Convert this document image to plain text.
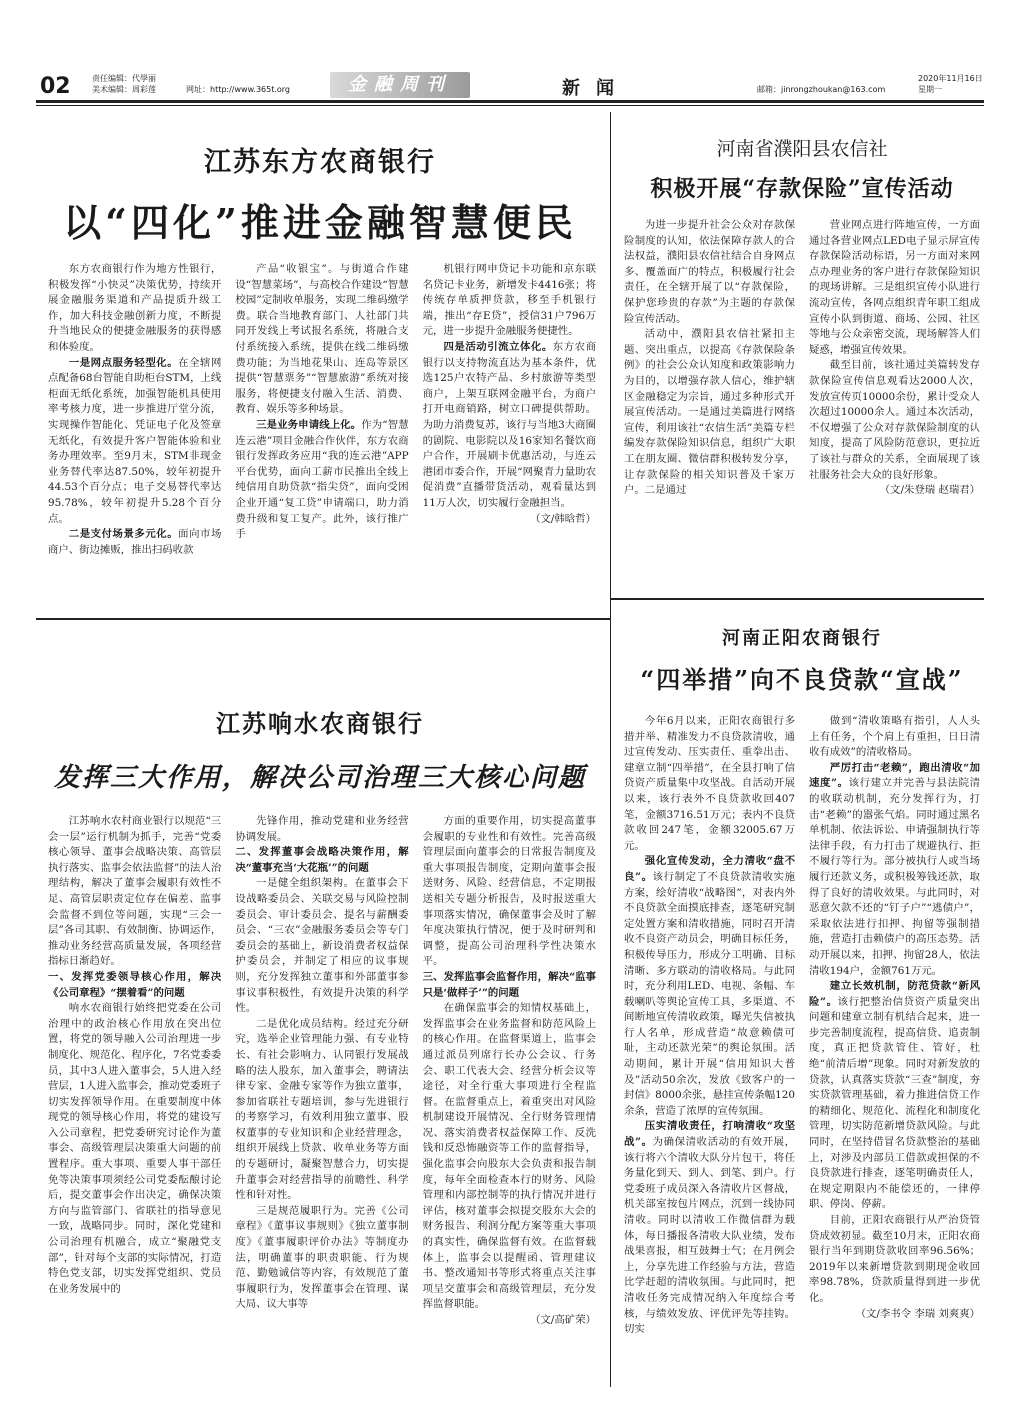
02	责任编辑：代學丽
美术编辑：周彩莲	网址：http://www.365t.org	金融周刊	新闻	邮箱：jinrongzhoukan@163.com
2020年11月16日
星期一
江苏东方农商银行
以“四化”推进金融智慧便民

东方农商银行作为地方性银行，积极发挥“小快灵”决策优势，持续开展金融服务渠道和产品提质升级工作，加大科技金融创新力度，不断提升当地民众的便捷金融服务的获得感和体验度。

一是网点服务轻型化。在全辖网点配备68台智能自助柜台STM，上线柜面无纸化系统，加强智能机具使用率考核力度，进一步推进厅堂分流，实现操作智能化、凭证电子化及签章无纸化，有效提升客户智能体验和业务办理效率。至9月末，STM非现金业务替代率达87.50%，较年初提升44.53个百分点；电子交易替代率达95.78%，较年初提升5.28个百分点。

二是支付场景多元化。面向市场商户、街边摊贩，推出扫码收款

产品“收银宝”。与街道合作建设“智慧菜场”，与高校合作建设“智慧校园”定制收单服务，实现二维码缴学费。联合当地教育部门、人社部门共同开发线上考试报名系统，将融合支付系统接入系统，提供在线二维码缴费功能；为当地花果山、连岛等景区提供“智慧票务”“智慧旅游”系统对接服务，将便捷支付融入生活、消费、教育、娱乐等多种场景。

三是业务申请线上化。作为“智慧连云港”项目金融合作伙伴，东方农商银行发挥政务应用“我的连云港”APP平台优势，面向工薪市民推出全线上纯信用自助贷款“指尖贷”，面向受困企业开通“复工贷”申请端口，助力消费升级和复工复产。此外，该行推广手

机银行网申贷记卡功能和京东联名贷记卡业务，新增发卡4416张；将传统存单质押贷款，移至手机银行端，推出“存E贷”，授信31户796万元，进一步提升金融服务便捷性。

四是活动引流立体化。东方农商银行以支持物流直达为基本条件，优选125户农特产品、乡村旅游等类型商户，上架互联网金融平台，为商户打开电商销路，树立口碑提供帮助。为助力消费复苏，该行与当地3大商圈的剧院、电影院以及16家知名餐饮商户合作，开展刷卡优惠活动，与连云港团市委合作，开展“网聚青力量助农促消费”直播带货活动，观看量达到11万人次，切实履行金融担当。

（文/韩晗哲）

江苏响水农商银行
发挥三大作用，解决公司治理三大核心问题

江苏响水农村商业银行以规范“三会一层”运行机制为抓手，完善“党委核心领导、董事会战略决策、高管层执行落实、监事会依法监督”的法人治理结构，解决了董事会履职有效性不足、高管层职责定位存在偏差、监事会监督不到位等问题，实现“三会一层”各司其职、有效制衡、协调运作，推动业务经营高质量发展，各项经营指标日渐趋好。

一、发挥党委领导核心作用，解决《公司章程》“摆着看”的问题

响水农商银行始终把党委在公司治理中的政治核心作用放在突出位置，将党的领导融入公司治理进一步制度化、规范化、程序化，7名党委委员，其中3人进入董事会，5人进入经营层，1人进入监事会，推动党委班子切实发挥领导作用。在重要制度中体现党的领导核心作用，将党的建设写入公司章程，把党委研究讨论作为董事会、高级管理层决策重大问题的前置程序。重大事项、重要人事干部任免等决策事项须经公司党委酝酿讨论后，提交董事会作出决定，确保决策方向与监管部门、省联社的指导意见一致，战略同步。同时，深化党建和公司治理有机融合，成立“聚融党支部”，针对每个支部的实际情况，打造特色党支部，切实发挥党组织、党员在业务发展中的

先锋作用，推动党建和业务经营协调发展。

二、发挥董事会战略决策作用，解决“董事充当‘大花瓶’”的问题

一是健全组织架构。在董事会下设战略委员会、关联交易与风险控制委员会、审计委员会、提名与薪酬委员会、“三农”金融服务委员会等专门委员会的基础上，新设消费者权益保护委员会，并制定了相应的议事规则，充分发挥独立董事和外部董事参事议事积极性，有效提升决策的科学性。

二是优化成员结构。经过充分研究，选举企业管理能力强、有专业特长、有社会影响力、认同银行发展战略的法人股东，加入董事会，聘请法律专家、金融专家等作为独立董事，参加省联社专题培训，参与先进银行的考察学习，有效利用独立董事、股权董事的专业知识和企业经营理念，组织开展线上贷款、收单业务等方面的专题研讨，凝聚智慧合力，切实提升董事会对经营指导的前瞻性、科学性和针对性。

三是规范履职行为。完善《公司章程》《董事议事规则》《独立董事制度》《董事履职评价办法》等制度办法，明确董事的职责职能、行为规范、勤勉诚信等内容，有效规范了董事履职行为，发挥董事会在管理、谋大局、议大事等

方面的重要作用，切实提高董事会履职的专业性和有效性。完善高级管理层面向董事会的日常报告制度及重大事项报告制度，定期向董事会报送财务、风险、经营信息，不定期报送相关专题分析报告，及时报送重大事项落实情况，确保董事会及时了解年度决策执行情况，便于及时研判和调整，提高公司治理科学性决策水平。

三、发挥监事会监督作用，解决“监事只是‘做样子’”的问题

在确保监事会的知情权基础上，发挥监事会在业务监督和防范风险上的核心作用。在监督渠道上，监事会通过派员列席行长办公会议、行务会、职工代表大会、经营分析会议等途径，对全行重大事项进行全程监督。在监督重点上，着重突出对风险机制建设开展情况、全行财务管理情况、落实消费者权益保障工作、反洗钱和反恐怖融资等工作的监督指导，强化监事会向股东大会负责和报告制度，每年全面检查本行的财务、风险管理和内部控制等的执行情况并进行评估，核对董事会拟提交股东大会的财务报告、利润分配方案等重大事项的真实性，确保监督有效。在监督载体上，监事会以提醒函、管理建议书、整改通知书等形式将重点关注事项呈交董事会和高级管理层，充分发挥监督职能。

（文/高矿荣）

河南省濮阳县农信社
积极开展“存款保险”宣传活动

为进一步提升社会公众对存款保险制度的认知，依法保障存款人的合法权益，濮阳县农信社结合自身网点多、覆盖面广的特点，积极履行社会责任，在全辖开展了以“存款保险，保护您珍贵的存款”为主题的存款保险宣传活动。

活动中，濮阳县农信社紧扣主题、突出重点，以提高《存款保险条例》的社会公众认知度和政策影响力为目的，以增强存款人信心，维护辖区金融稳定为宗旨，通过多种形式开展宣传活动。一是通过美篇进行网络宣传，利用该社“农信生活”美篇专栏编发存款保险知识信息，组织广大职工在朋友圈、微信群积极转发分享，让存款保险的相关知识普及千家万户。二是通过

营业网点进行阵地宣传，一方面通过各营业网点LED电子显示屏宣传存款保险活动标语，另一方面对来网点办理业务的客户进行存款保险知识的现场讲解。三是组织宣传小队进行流动宣传，各网点组织青年职工组成宣传小队到街道、商场、公园、社区等地与公众亲密交流，现场解答人们疑惑，增强宣传效果。

截至目前，该社通过美篇转发存款保险宣传信息观看达2000人次，发放宣传页10000余份，累计受众人次超过10000余人。通过本次活动，不仅增强了公众对存款保险制度的认知度，提高了风险防范意识，更拉近了该社与群众的关系，全面展现了该社服务社会大众的良好形象。

（文/朱登瑞 赵瑞君）

河南正阳农商银行
“四举措”向不良贷款“宣战”

今年6月以来，正阳农商银行多措并举、精准发力不良贷款清收，通过宣传发动、压实责任、重拳出击、建章立制“四举措”，在全县打响了信贷资产质量集中攻坚战。自活动开展以来，该行表外不良贷款收回407笔，金额3716.51万元；表内不良贷款收回247笔，金额32005.67万元。

强化宣传发动，全力清收“盘不良”。该行制定了不良贷款清收实施方案，绘好清收“战略图”，对表内外不良贷款全面摸底排查，逐笔研究制定处置方案和清收措施，同时召开清收不良资产动员会，明确目标任务，积极传导压力，形成分工明确、目标清晰、多方联动的清收格局。与此同时，充分利用LED、电视、条幅、车载喇叭等舆论宣传工具，多渠道、不间断地宣传清收政策，曝光失信被执行人名单，形成营造“故意赖债可耻，主动还款光荣”的舆论氛围。活动期间，累计开展“信用知识大普及”活动50余次，发放《致客户的一封信》8000余张，悬挂宣传条幅120余条，营造了浓厚的宣传氛围。

压实清收责任，打响清收“攻坚战”。为确保清收活动的有效开展，该行将六个清收大队分片包干，将任务量化到天、到人、到笔、到户。行党委班子成员深入各清收片区督战，机关部室按包片网点，沉到一线协同清收。同时以清收工作微信群为载体，每日播报各清收大队业绩，发布战果喜报，相互鼓舞士气；在月例会上，分享先进工作经验与方法，营造比学赶超的清收氛围。与此同时，把清收任务完成情况纳入年度综合考核，与绩效发放、评优评先等挂钩。切实

做到“清收策略有指引，人人头上有任务，个个肩上有重担，日日清收有成效”的清收格局。

严厉打击“老赖”，跑出清收“加速度”。该行建立并完善与县法院清的收联动机制，充分发挥行为，打击“老赖”的嚣张气焰。同时通过黑名单机制、依法诉讼、申请强制执行等法律手段，有力打击了规避执行、拒不履行等行为。部分被执行人或当场履行还款义务，或积极筹钱还款，取得了良好的清收效果。与此同时，对恶意欠款不还的“钉子户”“逃债户”，采取依法进行扣押、拘留等强制措施，营造打击赖债户的高压态势。活动开展以来，扣押、拘留28人，依法清收194户，金额761万元。

建立长效机制，防范贷款“新风险”。该行把整治信贷资产质量突出问题和建章立制有机结合起来，进一步完善制度流程，提高信贷、追责制度，真正把贷款管住、管好，杜绝“前清后增”现象。同时对新发放的贷款，认真落实贷款“三查”制度，夯实贷款管理基础，着力推进信贷工作的精细化、规范化、流程化和制度化管理，切实防范新增贷款风险。与此同时，在坚持借冒名贷款整治的基础上，对涉及内部员工借款或担保的不良贷款进行排查，逐笔明确责任人，在规定期限内不能偿还的，一律停职、停岗、停薪。

目前，正阳农商银行从严治贷管贷成效初显。截至10月末，正阳农商银行当年到期贷款收回率96.56%；2019年以来新增贷款到期现金收回率98.78%，贷款质量得到进一步优化。

（文/李书令 李瑞 刘爽爽）
